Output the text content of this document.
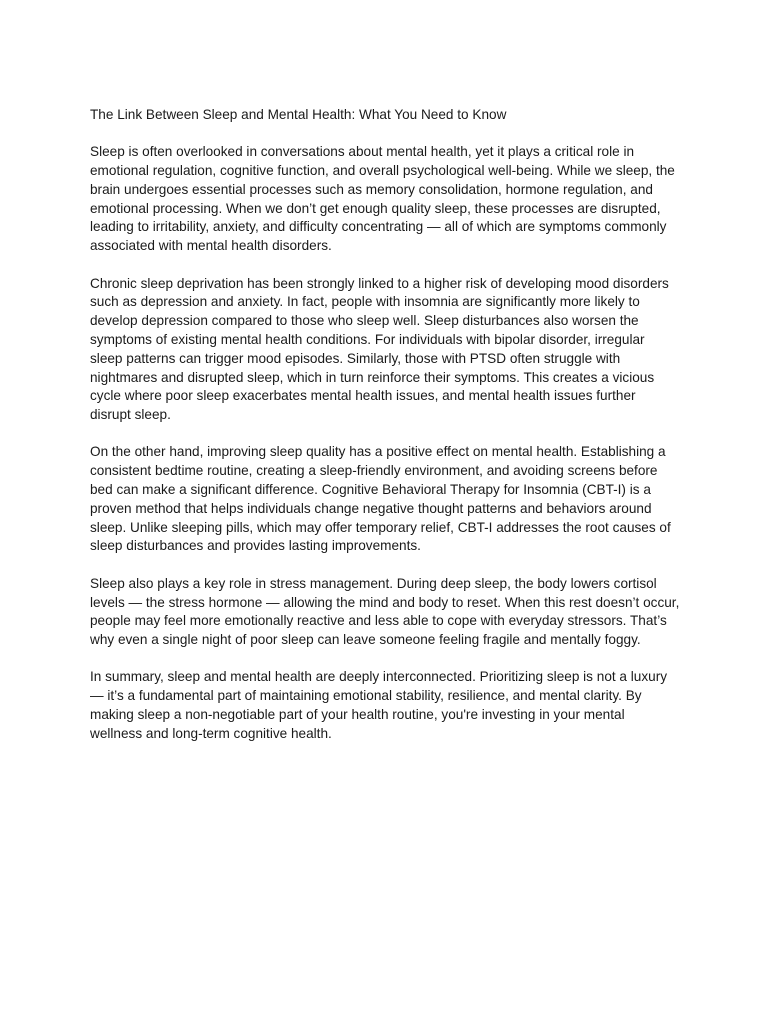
The Link Between Sleep and Mental Health: What You Need to Know

Sleep is often overlooked in conversations about mental health, yet it plays a critical role in emotional regulation, cognitive function, and overall psychological well-being. While we sleep, the brain undergoes essential processes such as memory consolidation, hormone regulation, and emotional processing. When we don’t get enough quality sleep, these processes are disrupted, leading to irritability, anxiety, and difficulty concentrating — all of which are symptoms commonly associated with mental health disorders.

Chronic sleep deprivation has been strongly linked to a higher risk of developing mood disorders such as depression and anxiety. In fact, people with insomnia are significantly more likely to develop depression compared to those who sleep well. Sleep disturbances also worsen the symptoms of existing mental health conditions. For individuals with bipolar disorder, irregular sleep patterns can trigger mood episodes. Similarly, those with PTSD often struggle with nightmares and disrupted sleep, which in turn reinforce their symptoms. This creates a vicious cycle where poor sleep exacerbates mental health issues, and mental health issues further disrupt sleep.

On the other hand, improving sleep quality has a positive effect on mental health. Establishing a consistent bedtime routine, creating a sleep-friendly environment, and avoiding screens before bed can make a significant difference. Cognitive Behavioral Therapy for Insomnia (CBT-I) is a proven method that helps individuals change negative thought patterns and behaviors around sleep. Unlike sleeping pills, which may offer temporary relief, CBT-I addresses the root causes of sleep disturbances and provides lasting improvements.

Sleep also plays a key role in stress management. During deep sleep, the body lowers cortisol levels — the stress hormone — allowing the mind and body to reset. When this rest doesn’t occur, people may feel more emotionally reactive and less able to cope with everyday stressors. That’s why even a single night of poor sleep can leave someone feeling fragile and mentally foggy.

In summary, sleep and mental health are deeply interconnected. Prioritizing sleep is not a luxury — it’s a fundamental part of maintaining emotional stability, resilience, and mental clarity. By making sleep a non-negotiable part of your health routine, you're investing in your mental wellness and long-term cognitive health.
